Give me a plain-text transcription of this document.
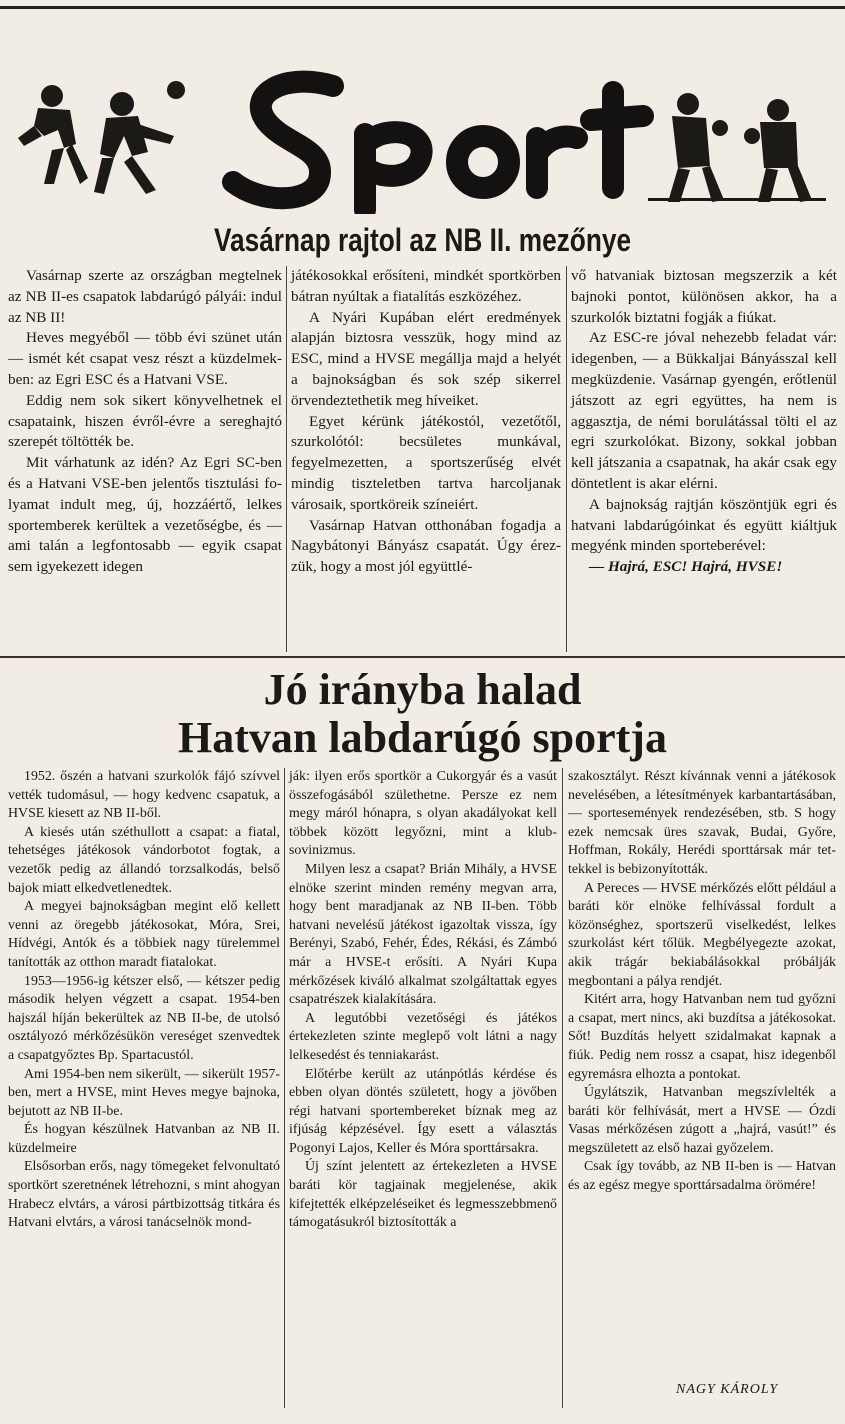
Vasárnap rajtol az NB II. mezőnye

Vasárnap szerte az országban megtelnek az NB II-es csapatok labdarúgó pályái: indul az NB II!

Heves megyéből — több évi szünet után — ismét két csapat vesz részt a küzdelmekben: az Egri ESC és a Hatvani VSE.

Eddig nem sok sikert könyvelhetnek el csapataink, hiszen évről-évre a sereghajtó szerepét töltötték be.

Mit várhatunk az idén? Az Egri SC-ben és a Hatvani VSE-ben jelentős tisztulási folyamat indult meg, új, hozzáértő, lelkes sportemberek kerültek a vezetőségbe, és — ami talán a legfontosabb — egyik csapat sem igyekezett idegen

játékosokkal erősíteni, mindkét sportkörben bátran nyúltak a fiatalítás eszközéhez.

A Nyári Kupában elért eredmények alapján biztosra vesszük, hogy mind az ESC, mind a HVSE megállja majd a helyét a bajnokságban és sok szép sikerrel örvendeztethetik meg híveiket.

Egyet kérünk játékostól, vezetőtől, szurkolótól: becsületes munkával, fegyelmezetten, a sportszerűség elvét mindig tiszteletben tartva harcoljanak városaik, sportköreik színeiért.

Vasárnap Hatvan otthonában fogadja a Nagybátonyi Bányász csapatát. Úgy érezzük, hogy a most jól együttlé-

vő hatvaniak biztosan megszerzik a két bajnoki pontot, különösen akkor, ha a szurkolók biztatni fogják a fiúkat.

Az ESC-re jóval nehezebb feladat vár: idegenben, — a Bükkaljai Bányásszal kell megküzdenie. Vasárnap gyengén, erőtlenül játszott az egri együttes, ha nem is aggasztja, de némi borulátással tölti el az egri szurkolókat. Bizony, sokkal jobban kell játszania a csapatnak, ha akár csak egy döntetlent is akar elérni.

A bajnokság rajtján köszöntjük egri és hatvani labdarúgóinkat és együtt kiáltjuk megyénk minden sporteberével:

— Hajrá, ESC! Hajrá, HVSE!

Jó irányba halad
Hatvan labdarúgó sportja

1952. őszén a hatvani szurkolók fájó szívvel vették tudomásul, — hogy kedvenc csapatuk, a HVSE kiesett az NB II-ből.

A kiesés után széthullott a csapat: a fiatal, tehetséges játékosok vándorbotot fogtak, a vezetők pedig az állandó torzsalkodás, belső bajok miatt elkedvetlenedtek.

A megyei bajnokságban megint elő kellett venni az öregebb játékosokat, Móra, Srei, Hídvégi, Antók és a többiek nagy türelemmel tanították az otthon maradt fiatalokat.

1953—1956-ig kétszer első, — kétszer pedig második helyen végzett a csapat. 1954-ben hajszál híján bekerültek az NB II-be, de utolsó osztályozó mérkőzésükön vereséget szenvedtek a csapatgyőztes Bp. Spartacustól.

Ami 1954-ben nem sikerült, — sikerült 1957-ben, mert a HVSE, mint Heves megye bajnoka, bejutott az NB II-be.

És hogyan készülnek Hatvanban az NB II. küzdelmeire

Elsősorban erős, nagy tömegeket felvonultató sportkört szeretnének létrehozni, s mint ahogyan Hrabecz elvtárs, a városi pártbizottság titkára és Hatvani elvtárs, a városi tanácselnök mond-

ják: ilyen erős sportkör a Cukorgyár és a vasút összefogásából születhetne. Persze ez nem megy máról hónapra, s olyan akadályokat kell többek között legyőzni, mint a klub-sovinizmus.

Milyen lesz a csapat? Brián Mihály, a HVSE elnöke szerint minden remény megvan arra, hogy bent maradjanak az NB II-ben. Több hatvani nevelésű játékost igazoltak vissza, így Berényi, Szabó, Fehér, Édes, Rékási, és Zámbó már a HVSE-t erősíti. A Nyári Kupa mérkőzések kiváló alkalmat szolgáltattak egyes csapatrészek kialakítására.

A legutóbbi vezetőségi és játékos értekezleten szinte meglepő volt látni a nagy lelkesedést és tenniakarást.

Előtérbe került az utánpótlás kérdése és ebben olyan döntés született, hogy a jövőben régi hatvani sportembereket bíznak meg az ifjúság képzésével. Így esett a választás Pogonyi Lajos, Keller és Móra sporttársakra.

Új színt jelentett az értekezleten a HVSE baráti kör tagjainak megjelenése, akik kifejtették elképzeléseiket és legmesszebbmenő támogatásukról biztosították a

szakosztályt. Részt kívánnak venni a játékosok nevelésében, a létesítmények karbantartásában, — sportesemények rendezésében, stb. S hogy ezek nemcsak üres szavak, Budai, Győre, Hoffman, Rokály, Herédi sporttársak már tettekkel is bebizonyították.

A Pereces — HVSE mérkőzés előtt például a baráti kör elnöke felhívással fordult a közönséghez, sportszerű viselkedést, lelkes szurkolást kért tőlük. Megbélyegezte azokat, akik trágár bekiabálásokkal próbálják megbontani a pálya rendjét.

Kitért arra, hogy Hatvanban nem tud győzni a csapat, mert nincs, aki buzdítsa a játékosokat. Sőt! Buzdítás helyett szidalmakat kapnak a fiúk. Pedig nem rossz a csapat, hisz idegenből egyremásra elhozta a pontokat.

Úgylátszik, Hatvanban megszívlelték a baráti kör felhívását, mert a HVSE — Ózdi Vasas mérkőzésen zúgott a „hajrá, vasút!” és megszületett az első hazai győzelem.

Csak így tovább, az NB II-ben is — Hatvan és az egész megye sporttársadalma örömére!

NAGY KÁROLY
